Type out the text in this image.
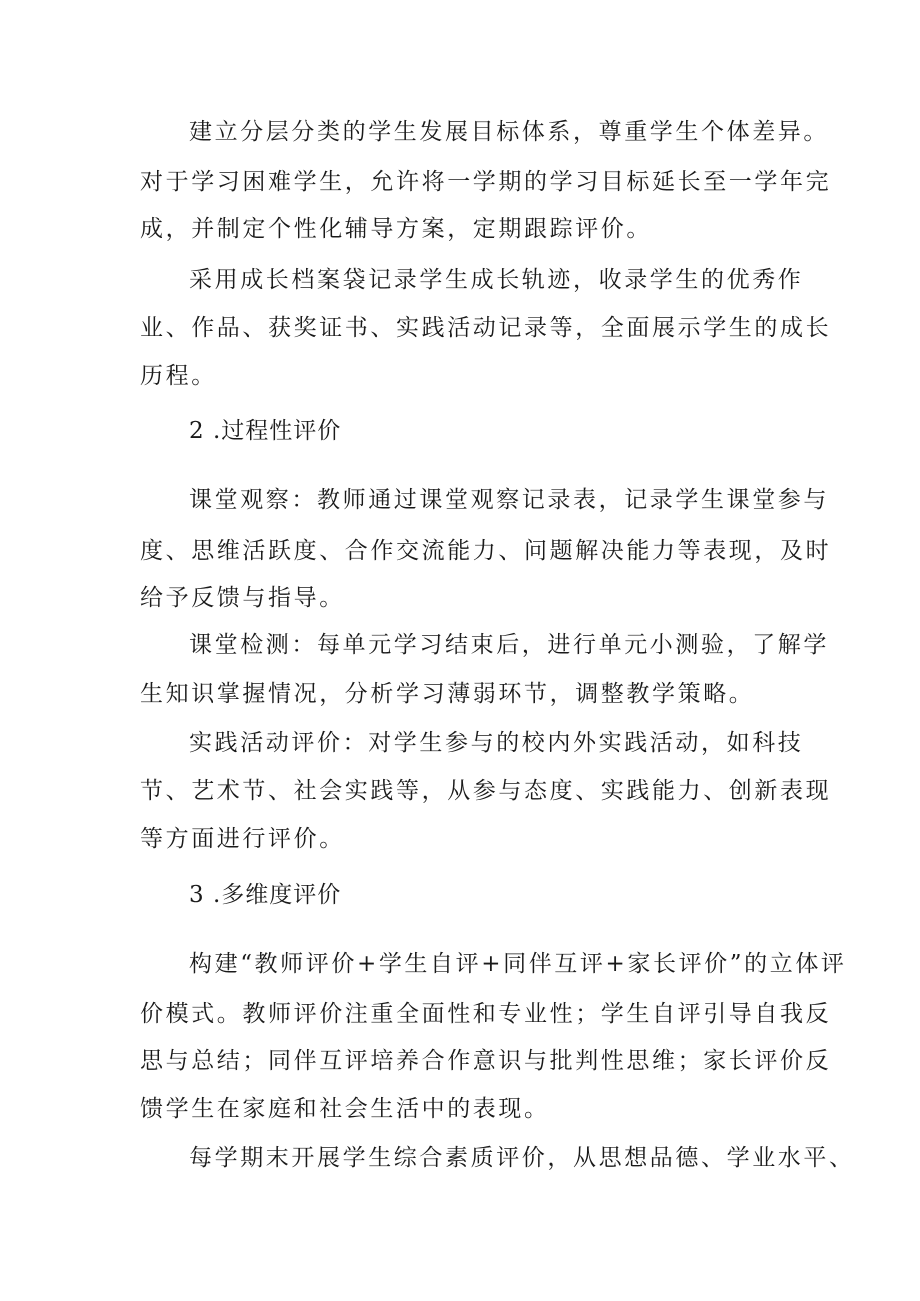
建立分层分类的学生发展目标体系，尊重学生个体差异。
对于学习困难学生，允许将一学期的学习目标延长至一学年完
成，并制定个性化辅导方案，定期跟踪评价。
采用成长档案袋记录学生成长轨迹，收录学生的优秀作
业、作品、获奖证书、实践活动记录等，全面展示学生的成长
历程。
2 .过程性评价
课堂观察：教师通过课堂观察记录表，记录学生课堂参与
度、思维活跃度、合作交流能力、问题解决能力等表现，及时
给予反馈与指导。
课堂检测：每单元学习结束后，进行单元小测验，了解学
生知识掌握情况，分析学习薄弱环节，调整教学策略。
实践活动评价：对学生参与的校内外实践活动，如科技
节、艺术节、社会实践等，从参与态度、实践能力、创新表现
等方面进行评价。
3 .多维度评价
构建“教师评价+学生自评+同伴互评+家长评价”的立体评
价模式。教师评价注重全面性和专业性；学生自评引导自我反
思与总结；同伴互评培养合作意识与批判性思维；家长评价反
馈学生在家庭和社会生活中的表现。
每学期末开展学生综合素质评价，从思想品德、学业水平、
